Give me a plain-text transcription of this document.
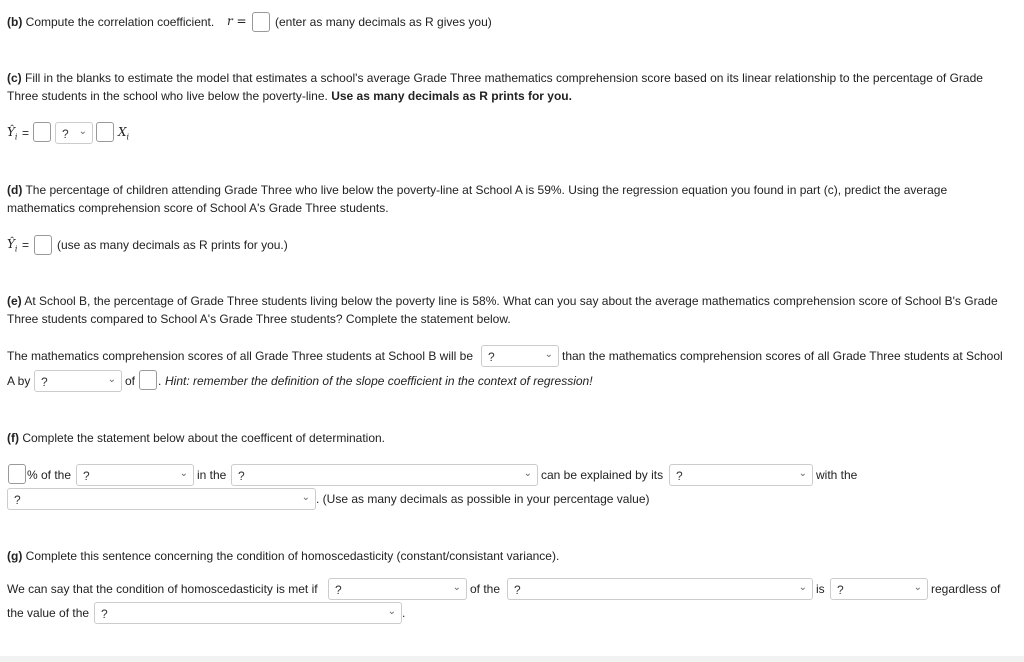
(b) Compute the correlation coefficient. r = (enter as many decimals as R gives you)
(c) Fill in the blanks to estimate the model that estimates a school's average Grade Three mathematics comprehension score based on its linear relationship to the percentage of Grade
Three students in the school who live below the poverty-line. Use as many decimals as R prints for you.
$Ŷ_i$ =	? ⌄	$X_i$
(d) The percentage of children attending Grade Three who live below the poverty-line at School A is 59%. Using the regression equation you found in part (c), predict the average
mathematics comprehension score of School A's Grade Three students.
$Ŷ_i = (use$ as many decimals as R prints for you.)
(e) At School B, the percentage of Grade Three students living below the poverty line is 58%. What can you say about the average mathematics comprehension score of School B's Grade
Three students compared to School A's Grade Three students? Complete the statement below.
The mathematics comprehension scores of all Grade Three students at School B will be	?	⌄ than the mathematics comprehension scores of all Grade Three students at School
A by ?	⌄ of . Hint: remember the definition of the slope coefficient in the context of regression!
(f) Complete the statement below about the coefficent of determination.
% of the ?	⌄ in the ?	⌄ can be explained by its	?	⌄ with the
?	⌄ . (Use as many decimals as possible in your percentage value)
(g) Complete this sentence concerning the condition of homoscedasticity (constant/consistant variance).
We can say that the condition of homoscedasticity is met if	?	⌄ of the	?	⌄ is	?	⌄ regardless of
the value of the ?	⌄ .
